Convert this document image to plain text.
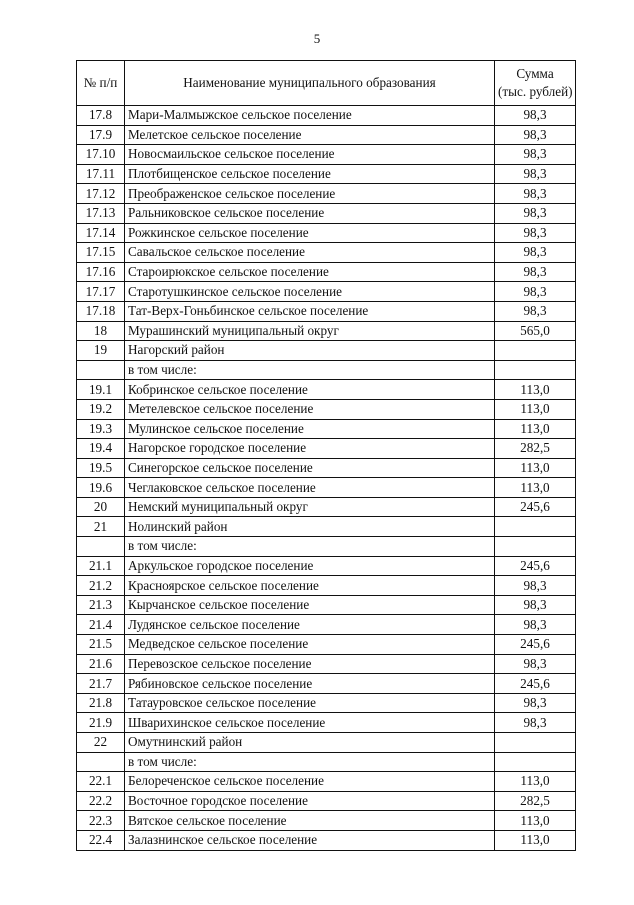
5
№ п/п	Наименование муниципального образования	Сумма
(тыс. рублей)

17.8	Мари-Малмыжское сельское поселение	98,3
17.9	Мелетское сельское поселение	98,3
17.10	Новосмаильское сельское поселение	98,3
17.11	Плотбищенское сельское поселение	98,3
17.12	Преображенское сельское поселение	98,3
17.13	Ральниковское сельское поселение	98,3
17.14	Рожкинское сельское поселение	98,3
17.15	Савальское сельское поселение	98,3
17.16	Староирюкское сельское поселение	98,3
17.17	Старотушкинское сельское поселение	98,3
17.18	Тат-Верх-Гоньбинское сельское поселение	98,3
18	Мурашинский муниципальный округ	565,0
19	Нагорский район	
	в том числе:	
19.1	Кобринское сельское поселение	113,0
19.2	Метелевское сельское поселение	113,0
19.3	Мулинское сельское поселение	113,0
19.4	Нагорское городское поселение	282,5
19.5	Синегорское сельское поселение	113,0
19.6	Чеглаковское сельское поселение	113,0
20	Немский муниципальный округ	245,6
21	Нолинский район	
	в том числе:	
21.1	Аркульское городское поселение	245,6
21.2	Красноярское сельское поселение	98,3
21.3	Кырчанское сельское поселение	98,3
21.4	Лудянское сельское поселение	98,3
21.5	Медведское сельское поселение	245,6
21.6	Перевозское сельское поселение	98,3
21.7	Рябиновское сельское поселение	245,6
21.8	Татауровское сельское поселение	98,3
21.9	Шварихинское сельское поселение	98,3
22	Омутнинский район	
	в том числе:	
22.1	Белореченское сельское поселение	113,0
22.2	Восточное городское поселение	282,5
22.3	Вятское сельское поселение	113,0
22.4	Залазнинское сельское поселение	113,0
